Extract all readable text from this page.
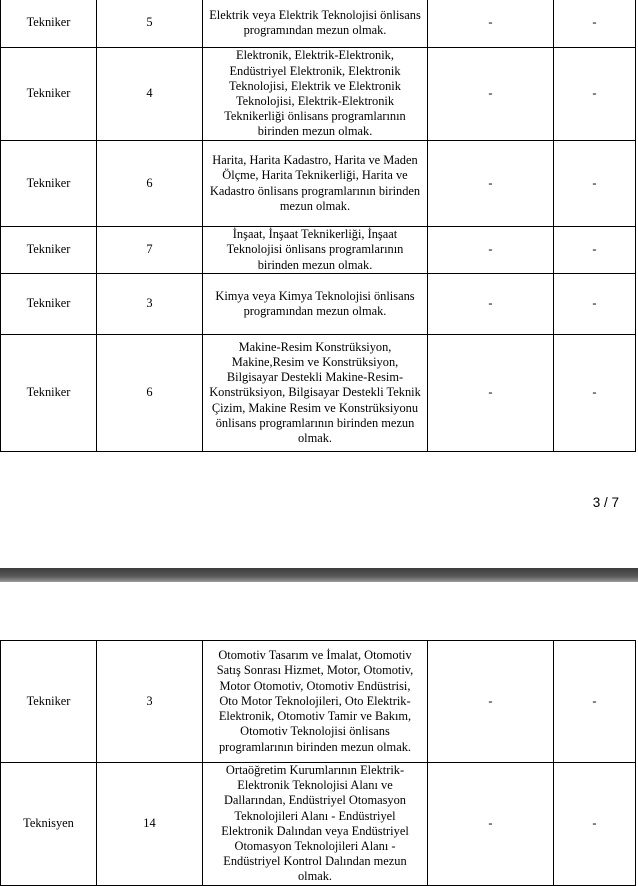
Tekniker	5	Elektrik veya Elektrik Teknolojisi önlisans programından mezun olmak.	-	-
Tekniker	4	Elektronik, Elektrik-Elektronik, Endüstriyel Elektronik, Elektronik Teknolojisi, Elektrik ve Elektronik Teknolojisi, Elektrik-Elektronik Teknikerliği önlisans programlarının birinden mezun olmak.	-	-
Tekniker	6	Harita, Harita Kadastro, Harita ve Maden Ölçme, Harita Teknikerliği, Harita ve Kadastro önlisans programlarının birinden mezun olmak.	-	-
Tekniker	7	İnşaat, İnşaat Teknikerliği, İnşaat Teknolojisi önlisans programlarının birinden mezun olmak.	-	-
Tekniker	3	Kimya veya Kimya Teknolojisi önlisans programından mezun olmak.	-	-
Tekniker	6	Makine-Resim Konstrüksiyon, Makine,Resim ve Konstrüksiyon, Bilgisayar Destekli Makine-Resim-Konstrüksiyon, Bilgisayar Destekli Teknik Çizim, Makine Resim ve Konstrüksiyonu önlisans programlarının birinden mezun olmak.	-	-
3 / 7
Tekniker	3	Otomotiv Tasarım ve İmalat, Otomotiv Satış Sonrası Hizmet, Motor, Otomotiv, Motor Otomotiv, Otomotiv Endüstrisi, Oto Motor Teknolojileri, Oto Elektrik-Elektronik, Otomotiv Tamir ve Bakım, Otomotiv Teknolojisi önlisans programlarının birinden mezun olmak.	-	-
Teknisyen	14	Ortaöğretim Kurumlarının Elektrik-Elektronik Teknolojisi Alanı ve Dallarından, Endüstriyel Otomasyon Teknolojileri Alanı - Endüstriyel Elektronik Dalından veya Endüstriyel Otomasyon Teknolojileri Alanı - Endüstriyel Kontrol Dalından mezun olmak.	-	-
